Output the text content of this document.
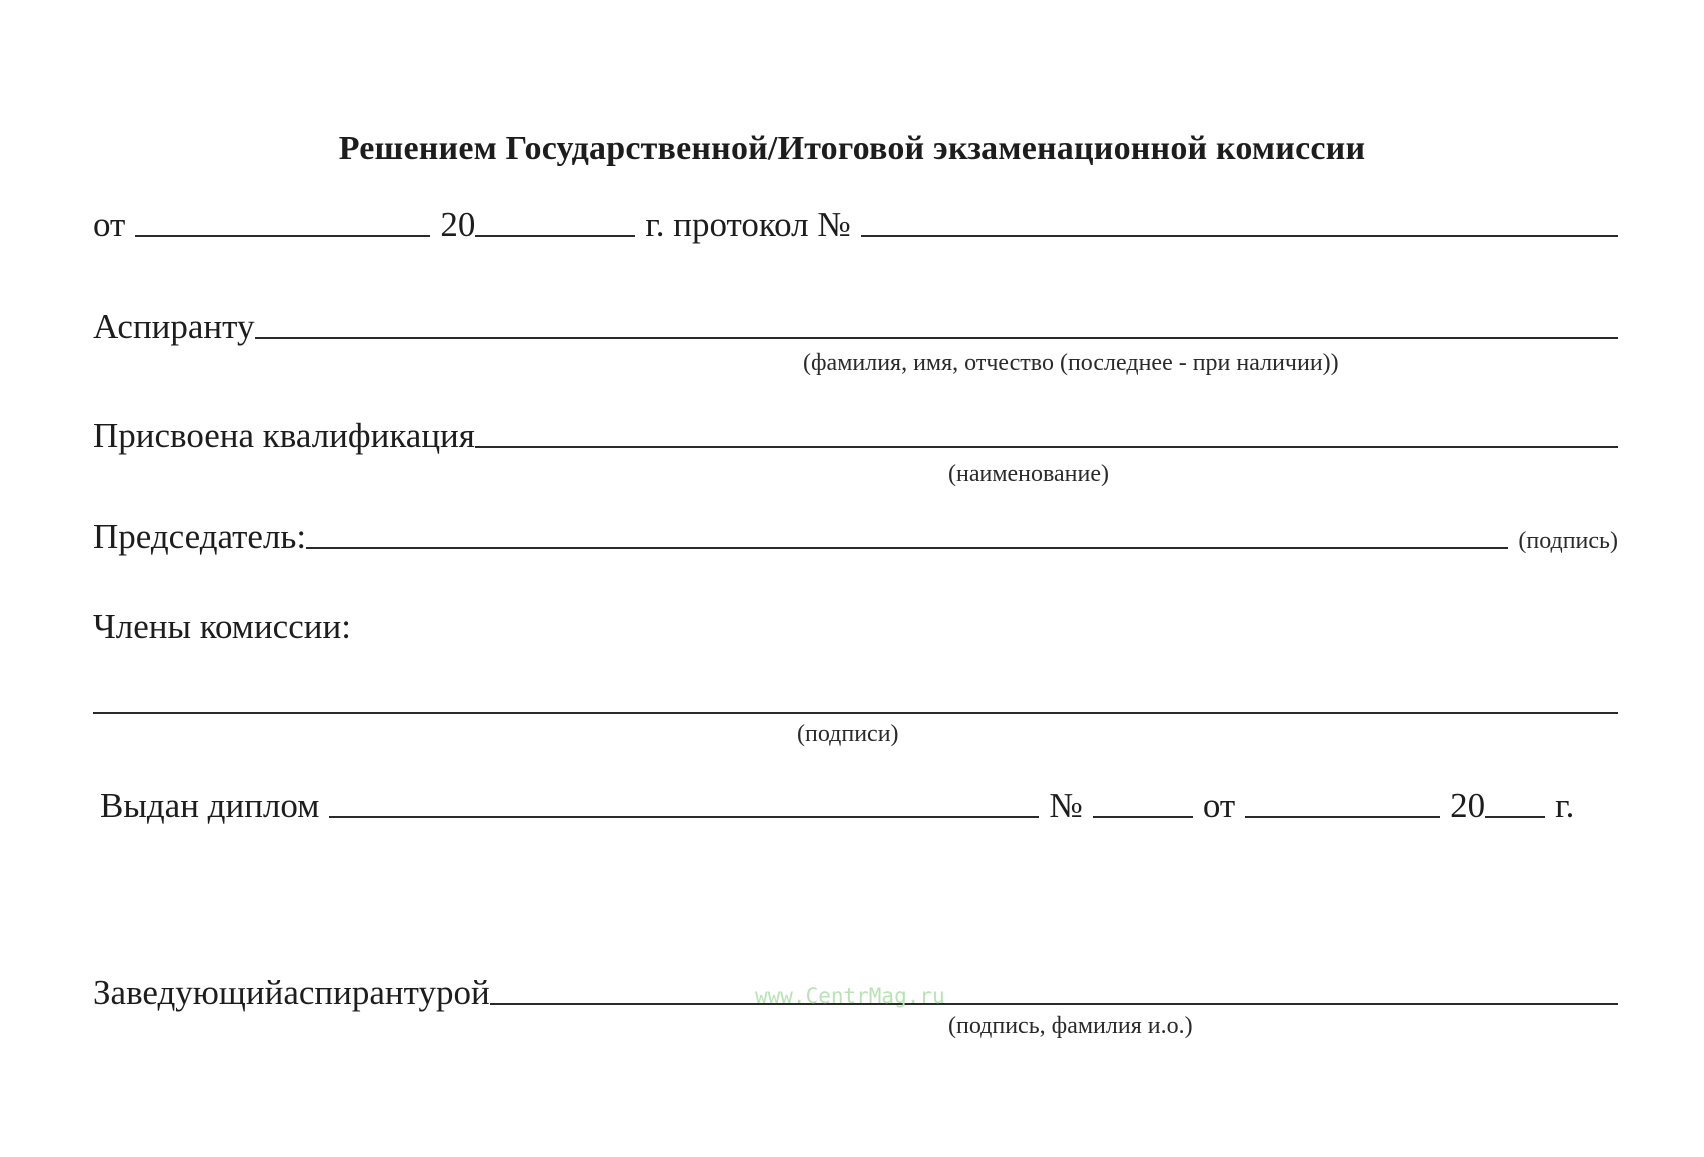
Решением Государственной/Итоговой экзаменационной комиссии
от	20	г. протокол №
Аспиранту
(фамилия, имя, отчество (последнее - при наличии))
Присвоена квалификация
(наименование)
Председатель:	(подпись)
Члены комиссии:
(подписи)
Выдан диплом	№	от	20 г.
Заведующийаспирантурой
(подпись, фамилия и.о.)
www.CentrMag.ru
